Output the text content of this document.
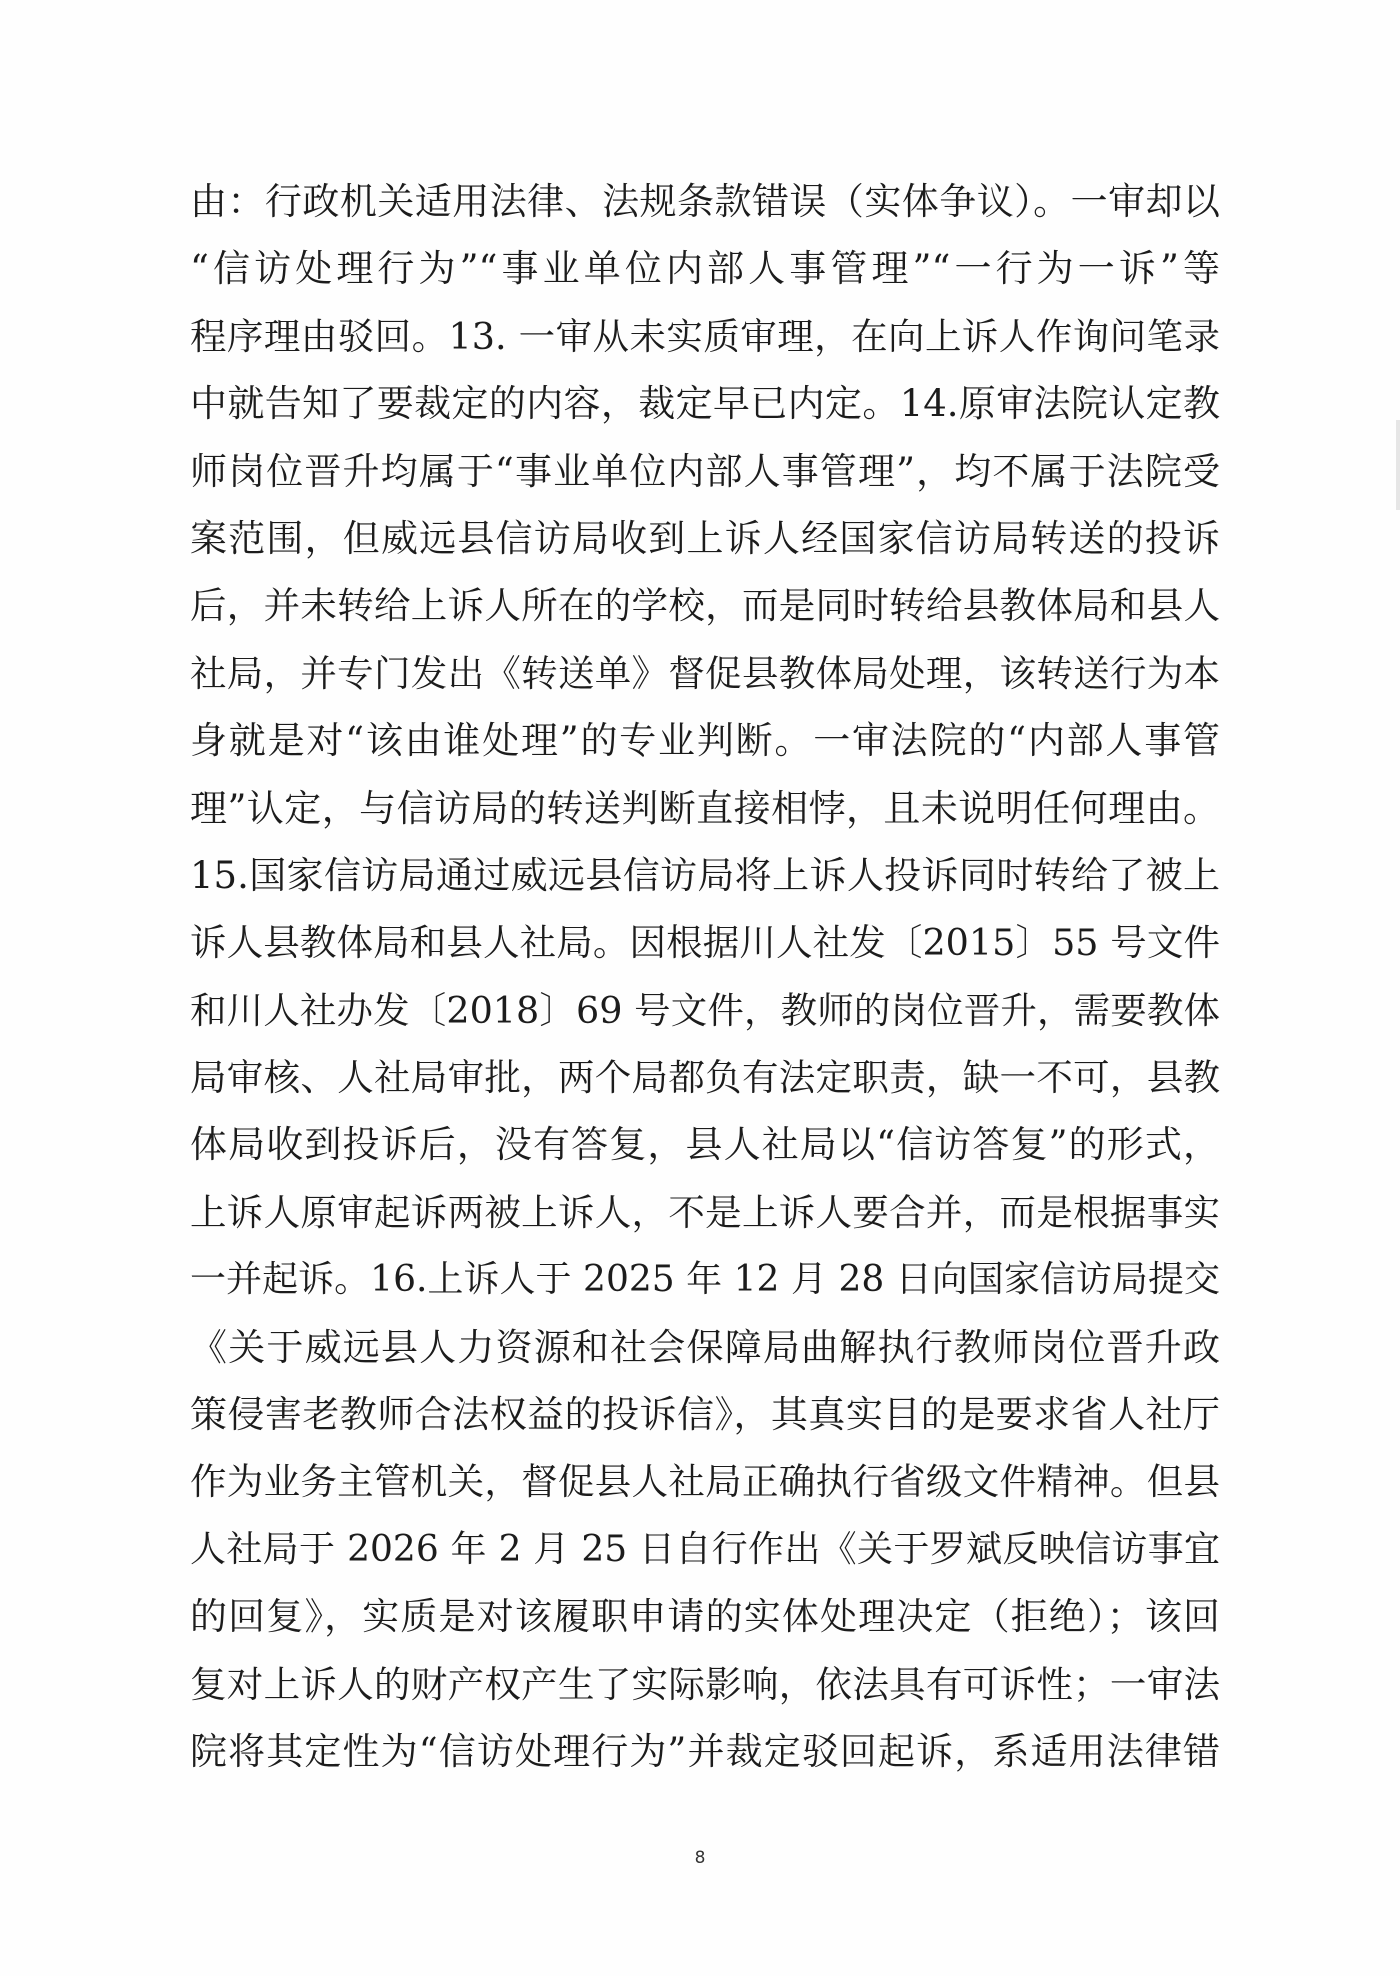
由：行政机关适用法律、法规条款错误（实体争议）。一审却以
“信访处理行为”“事业单位内部人事管理”“一行为一诉”等
程序理由驳回。13. 一审从未实质审理，在向上诉人作询问笔录
中就告知了要裁定的内容，裁定早已内定。14.原审法院认定教
师岗位晋升均属于“事业单位内部人事管理”，均不属于法院受
案范围，但威远县信访局收到上诉人经国家信访局转送的投诉
后，并未转给上诉人所在的学校，而是同时转给县教体局和县人
社局，并专门发出《转送单》督促县教体局处理，该转送行为本
身就是对“该由谁处理”的专业判断。一审法院的“内部人事管
理”认定，与信访局的转送判断直接相悖，且未说明任何理由。
15.国家信访局通过威远县信访局将上诉人投诉同时转给了被上
诉人县教体局和县人社局。因根据川人社发〔2015〕55 号文件
和川人社办发〔2018〕69 号文件，教师的岗位晋升，需要教体
局审核、人社局审批，两个局都负有法定职责，缺一不可，县教
体局收到投诉后，没有答复，县人社局以“信访答复”的形式，
上诉人原审起诉两被上诉人，不是上诉人要合并，而是根据事实
一并起诉。16.上诉人于 2025 年 12 月 28 日向国家信访局提交
《关于威远县人力资源和社会保障局曲解执行教师岗位晋升政
策侵害老教师合法权益的投诉信》，其真实目的是要求省人社厅
作为业务主管机关，督促县人社局正确执行省级文件精神。但县
人社局于 2026 年 2 月 25 日自行作出《关于罗斌反映信访事宜
的回复》，实质是对该履职申请的实体处理决定（拒绝）；该回
复对上诉人的财产权产生了实际影响，依法具有可诉性；一审法
院将其定性为“信访处理行为”并裁定驳回起诉，系适用法律错
8
